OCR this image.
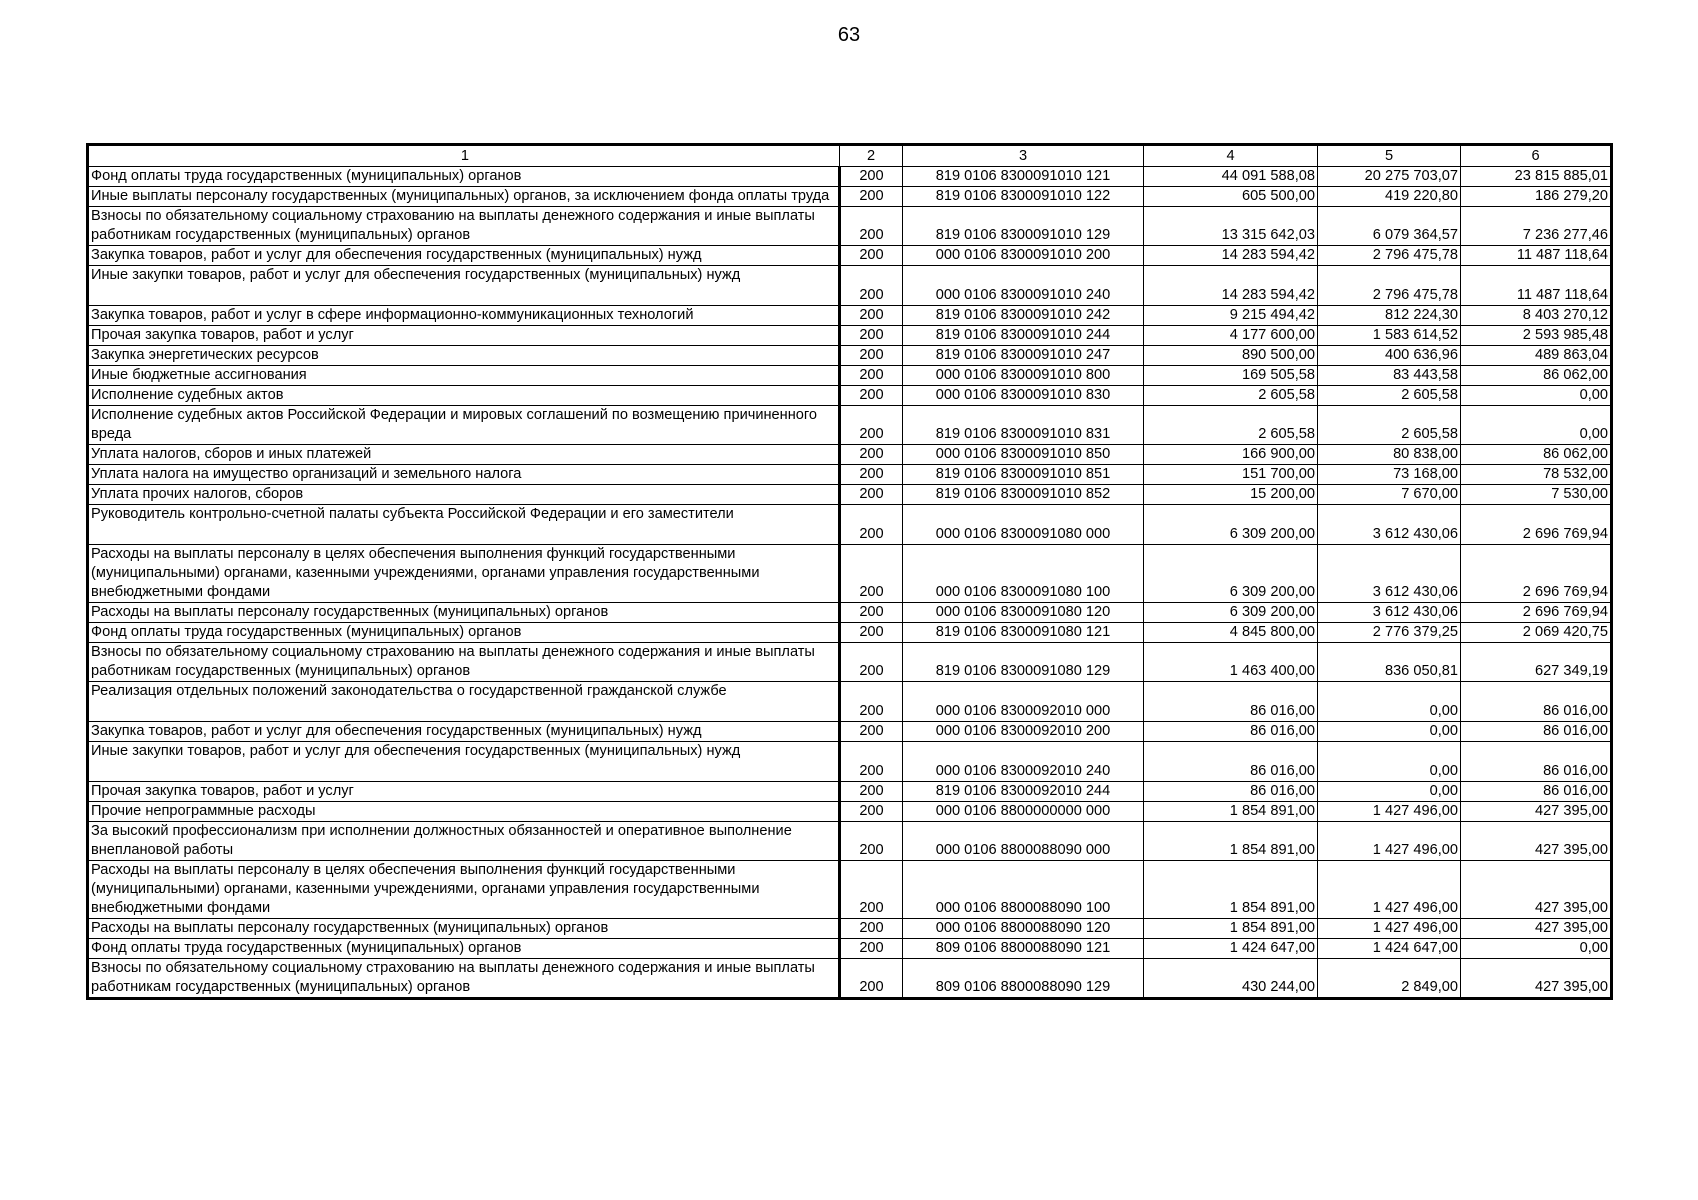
63
1	2	3	4	5	6
Фонд оплаты труда государственных (муниципальных) органов	200	819 0106 8300091010 121	44 091 588,08	20 275 703,07	23 815 885,01
Иные выплаты персоналу государственных (муниципальных) органов, за исключением фонда оплаты труда	200	819 0106 8300091010 122	605 500,00	419 220,80	186 279,20
Взносы по обязательному социальному страхованию на выплаты денежного содержания и иные выплаты работникам государственных (муниципальных) органов	200	819 0106 8300091010 129	13 315 642,03	6 079 364,57	7 236 277,46
Закупка товаров, работ и услуг для обеспечения государственных (муниципальных) нужд	200	000 0106 8300091010 200	14 283 594,42	2 796 475,78	11 487 118,64
Иные закупки товаров, работ и услуг для обеспечения государственных (муниципальных) нужд	200	000 0106 8300091010 240	14 283 594,42	2 796 475,78	11 487 118,64
Закупка товаров, работ и услуг в сфере информационно-коммуникационных технологий	200	819 0106 8300091010 242	9 215 494,42	812 224,30	8 403 270,12
Прочая закупка товаров, работ и услуг	200	819 0106 8300091010 244	4 177 600,00	1 583 614,52	2 593 985,48
Закупка энергетических ресурсов	200	819 0106 8300091010 247	890 500,00	400 636,96	489 863,04
Иные бюджетные ассигнования	200	000 0106 8300091010 800	169 505,58	83 443,58	86 062,00
Исполнение судебных актов	200	000 0106 8300091010 830	2 605,58	2 605,58	0,00
Исполнение судебных актов Российской Федерации и мировых соглашений по возмещению причиненного вреда	200	819 0106 8300091010 831	2 605,58	2 605,58	0,00
Уплата налогов, сборов и иных платежей	200	000 0106 8300091010 850	166 900,00	80 838,00	86 062,00
Уплата налога на имущество организаций и земельного налога	200	819 0106 8300091010 851	151 700,00	73 168,00	78 532,00
Уплата прочих налогов, сборов	200	819 0106 8300091010 852	15 200,00	7 670,00	7 530,00
Руководитель контрольно-счетной палаты субъекта Российской Федерации и его заместители	200	000 0106 8300091080 000	6 309 200,00	3 612 430,06	2 696 769,94
Расходы на выплаты персоналу в целях обеспечения выполнения функций государственными (муниципальными) органами, казенными учреждениями, органами управления государственными внебюджетными фондами	200	000 0106 8300091080 100	6 309 200,00	3 612 430,06	2 696 769,94
Расходы на выплаты персоналу государственных (муниципальных) органов	200	000 0106 8300091080 120	6 309 200,00	3 612 430,06	2 696 769,94
Фонд оплаты труда государственных (муниципальных) органов	200	819 0106 8300091080 121	4 845 800,00	2 776 379,25	2 069 420,75
Взносы по обязательному социальному страхованию на выплаты денежного содержания и иные выплаты работникам государственных (муниципальных) органов	200	819 0106 8300091080 129	1 463 400,00	836 050,81	627 349,19
Реализация отдельных положений законодательства о государственной гражданской службе	200	000 0106 8300092010 000	86 016,00	0,00	86 016,00
Закупка товаров, работ и услуг для обеспечения государственных (муниципальных) нужд	200	000 0106 8300092010 200	86 016,00	0,00	86 016,00
Иные закупки товаров, работ и услуг для обеспечения государственных (муниципальных) нужд	200	000 0106 8300092010 240	86 016,00	0,00	86 016,00
Прочая закупка товаров, работ и услуг	200	819 0106 8300092010 244	86 016,00	0,00	86 016,00
Прочие непрограммные расходы	200	000 0106 8800000000 000	1 854 891,00	1 427 496,00	427 395,00
За высокий профессионализм при исполнении должностных обязанностей и оперативное выполнение внеплановой работы	200	000 0106 8800088090 000	1 854 891,00	1 427 496,00	427 395,00
Расходы на выплаты персоналу в целях обеспечения выполнения функций государственными (муниципальными) органами, казенными учреждениями, органами управления государственными внебюджетными фондами	200	000 0106 8800088090 100	1 854 891,00	1 427 496,00	427 395,00
Расходы на выплаты персоналу государственных (муниципальных) органов	200	000 0106 8800088090 120	1 854 891,00	1 427 496,00	427 395,00
Фонд оплаты труда государственных (муниципальных) органов	200	809 0106 8800088090 121	1 424 647,00	1 424 647,00	0,00
Взносы по обязательному социальному страхованию на выплаты денежного содержания и иные выплаты работникам государственных (муниципальных) органов	200	809 0106 8800088090 129	430 244,00	2 849,00	427 395,00
